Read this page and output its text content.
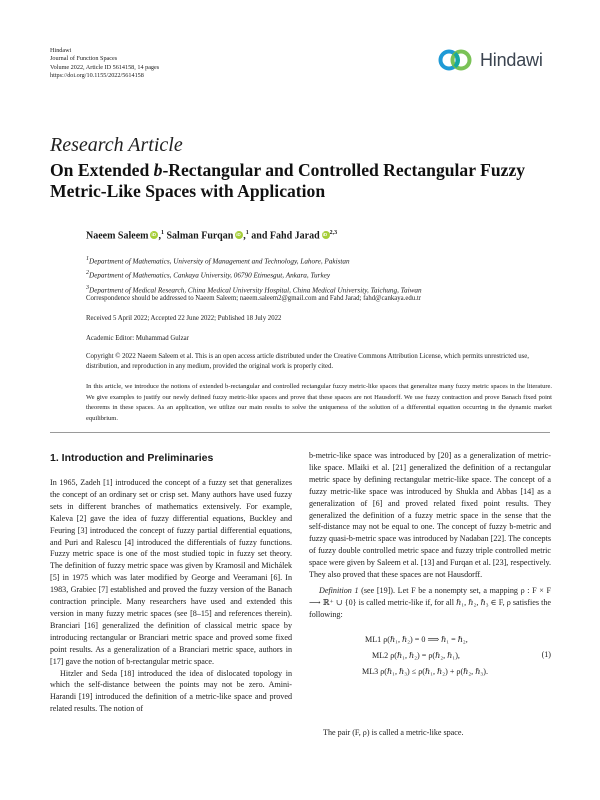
Hindawi
Journal of Function Spaces
Volume 2022, Article ID 5614158, 14 pages
https://doi.org/10.1155/2022/5614158
Hindawi
Research Article
On Extended b-Rectangular and Controlled Rectangular Fuzzy Metric-Like Spaces with Application
Naeem Saleem iD ,$^1$ Salman Furqan iD ,$^1$ and Fahd Jarad iD $^{2,3}$
$^1$Department of Mathematics, University of Management and Technology, Lahore, Pakistan
$^2$Department of Mathematics, Cankaya University, 06790 Etimesgut, Ankara, Turkey
$^3$Department of Medical Research, China Medical University Hospital, China Medical University, Taichung, Taiwan
Correspondence should be addressed to Naeem Saleem; naeem.saleem2@gmail.com and Fahd Jarad; fahd@cankaya.edu.tr
Received 5 April 2022; Accepted 22 June 2022; Published 18 July 2022
Academic Editor: Muhammad Gulzar
Copyright © 2022 Naeem Saleem et al. This is an open access article distributed under the Creative Commons Attribution License, which permits unrestricted use, distribution, and reproduction in any medium, provided the original work is properly cited.
In this article, we introduce the notions of extended b-rectangular and controlled rectangular fuzzy metric-like spaces that generalize many fuzzy metric spaces in the literature. We give examples to justify our newly defined fuzzy metric-like spaces and prove that these spaces are not Hausdorff. We use fuzzy contraction and prove Banach fixed point theorems in these spaces. As an application, we utilize our main results to solve the uniqueness of the solution of a differential equation occurring in the dynamic market equilibrium.
1. Introduction and Preliminaries

In 1965, Zadeh [1] introduced the concept of a fuzzy set that generalizes the concept of an ordinary set or crisp set. Many authors have used fuzzy sets in different branches of mathematics extensively. For example, Kaleva [2] gave the idea of fuzzy differential equations, Buckley and Feuring [3] introduced the concept of fuzzy partial differential equations, and Puri and Ralescu [4] introduced the differentials of fuzzy functions. Fuzzy metric space is one of the most studied topic in fuzzy set theory. The definition of fuzzy metric space was given by Kramosil and Michálek [5] in 1975 which was later modified by George and Veeramani [6]. In 1983, Grabiec [7] established and proved the fuzzy version of the Banach contraction principle. Many researchers have used and extended this version in many fuzzy metric spaces (see [8–15] and references therein). Branciari [16] generalized the definition of classical metric space by introducing rectangular or Branciari metric space and proved some fixed point results. As a generalization of a Branciari metric space, authors in [17] gave the notion of b-rectangular metric space.

Hitzler and Seda [18] introduced the idea of dislocated topology in which the self-distance between the points may not be zero. Amini-Harandi [19] introduced the definition of a metric-like space and proved related results. The notion of

b-metric-like space was introduced by [20] as a generalization of metric-like space. Mlaiki et al. [21] generalized the definition of a rectangular metric space by defining rectangular metric-like space. The concept of a fuzzy metric-like space was introduced by Shukla and Abbas [14] as a generalization of [6] and proved related fixed point results. They generalized the definition of a fuzzy metric space in the sense that the self-distance may not be equal to one. The concept of fuzzy b-metric and fuzzy quasi-b-metric space was introduced by Nadaban [22]. The concepts of fuzzy double controlled metric space and fuzzy triple controlled metric space were given by Saleem et al. [13] and Furqan et al. [23], respectively. They also proved that these spaces are not Hausdorff.

Definition 1 (see [19]). Let F be a nonempty set, a mapping ρ : F × F ⟶ ℝ⁺ ∪ {0} is called metric-like if, for all ℏ₁, ℏ₂, ℏ₃ ∈ F, ρ satisfies the following:

ML1 ρ(ℏ₁, ℏ₂) = 0 ⟹ ℏ₁ = ℏ₂,
ML2 ρ(ℏ₁, ℏ₂) = ρ(ℏ₂, ℏ₁),
ML3 ρ(ℏ₁, ℏ₃) ≤ ρ(ℏ₁, ℏ₂) + ρ(ℏ₂, ℏ₃).
(1)
The pair (F, ρ) is called a metric-like space.
